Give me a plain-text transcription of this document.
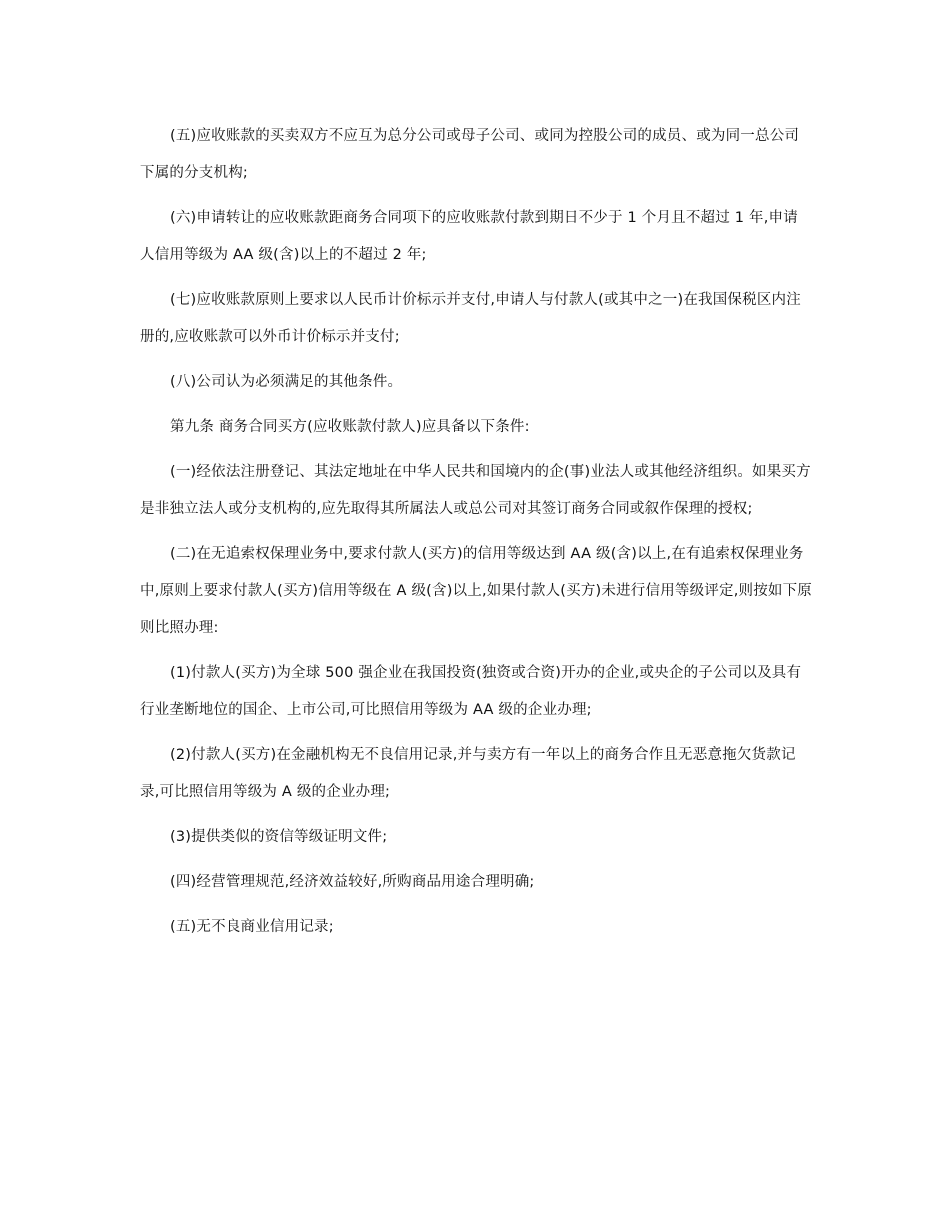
(五)应收账款的买卖双方不应互为总分公司或母子公司、或同为控股公司的成员、或为同一总公司下属的分支机构;

(六)申请转让的应收账款距商务合同项下的应收账款付款到期日不少于 1 个月且不超过 1 年,申请人信用等级为 AA 级(含)以上的不超过 2 年;

(七)应收账款原则上要求以人民币计价标示并支付,申请人与付款人(或其中之一)在我国保税区内注册的,应收账款可以外币计价标示并支付;

(八)公司认为必须满足的其他条件。

第九条 商务合同买方(应收账款付款人)应具备以下条件:

(一)经依法注册登记、其法定地址在中华人民共和国境内的企(事)业法人或其他经济组织。如果买方是非独立法人或分支机构的,应先取得其所属法人或总公司对其签订商务合同或叙作保理的授权;

(二)在无追索权保理业务中,要求付款人(买方)的信用等级达到 AA 级(含)以上,在有追索权保理业务中,原则上要求付款人(买方)信用等级在 A 级(含)以上,如果付款人(买方)未进行信用等级评定,则按如下原则比照办理:

(1)付款人(买方)为全球 500 强企业在我国投资(独资或合资)开办的企业,或央企的子公司以及具有行业垄断地位的国企、上市公司,可比照信用等级为 AA 级的企业办理;

(2)付款人(买方)在金融机构无不良信用记录,并与卖方有一年以上的商务合作且无恶意拖欠货款记录,可比照信用等级为 A 级的企业办理;

(3)提供类似的资信等级证明文件;

(四)经营管理规范,经济效益较好,所购商品用途合理明确;

(五)无不良商业信用记录;
